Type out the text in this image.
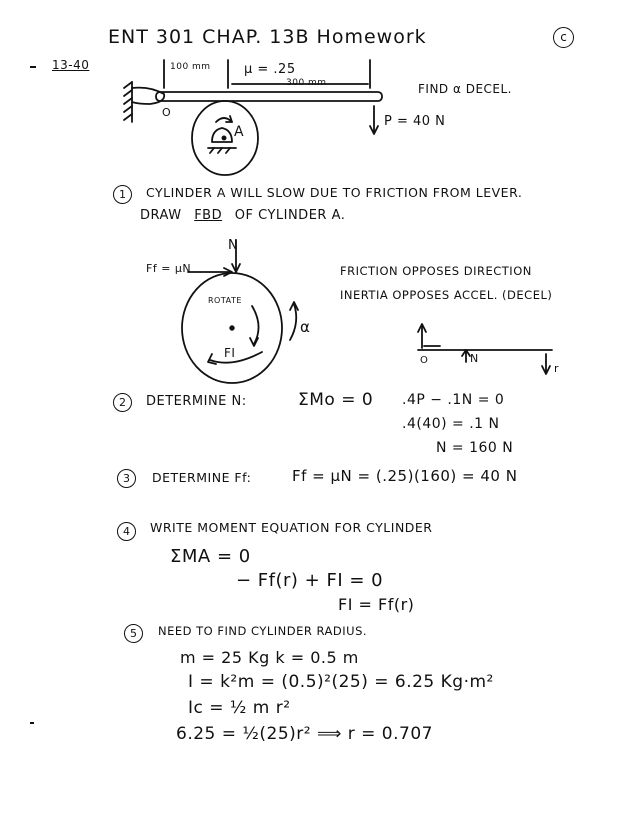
ENT 301 CHAP. 13B Homework	c
13-40	100 mm	μ = .25
300 mm
O
A
P = 40 N
FIND α DECEL.
1	CYLINDER A WILL SLOW DUE TO FRICTION FROM LEVER.
DRAW FBD OF CYLINDER A.
N
Ff = μN
ROTATE
FI
α
FRICTION OPPOSES DIRECTION
INERTIA OPPOSES ACCEL. (DECEL)
O	N
r
2	DETERMINE N:	ΣMo = 0 .4P − .1N = 0
.4(40) = .1 N
N = 160 N
3	DETERMINE Ff:	Ff = μN = (.25)(160) = 40 N
4	WRITE MOMENT EQUATION FOR CYLINDER
ΣMA = 0
− Ff(r) + FI = 0
FI = Ff(r)
5	NEED TO FIND CYLINDER RADIUS.
m = 25 Kg k = 0.5 m
I = k²m = (0.5)²(25) = 6.25 Kg·m²
Ic = ½ m r²
6.25 = ½(25)r² ⟹ r = 0.707
